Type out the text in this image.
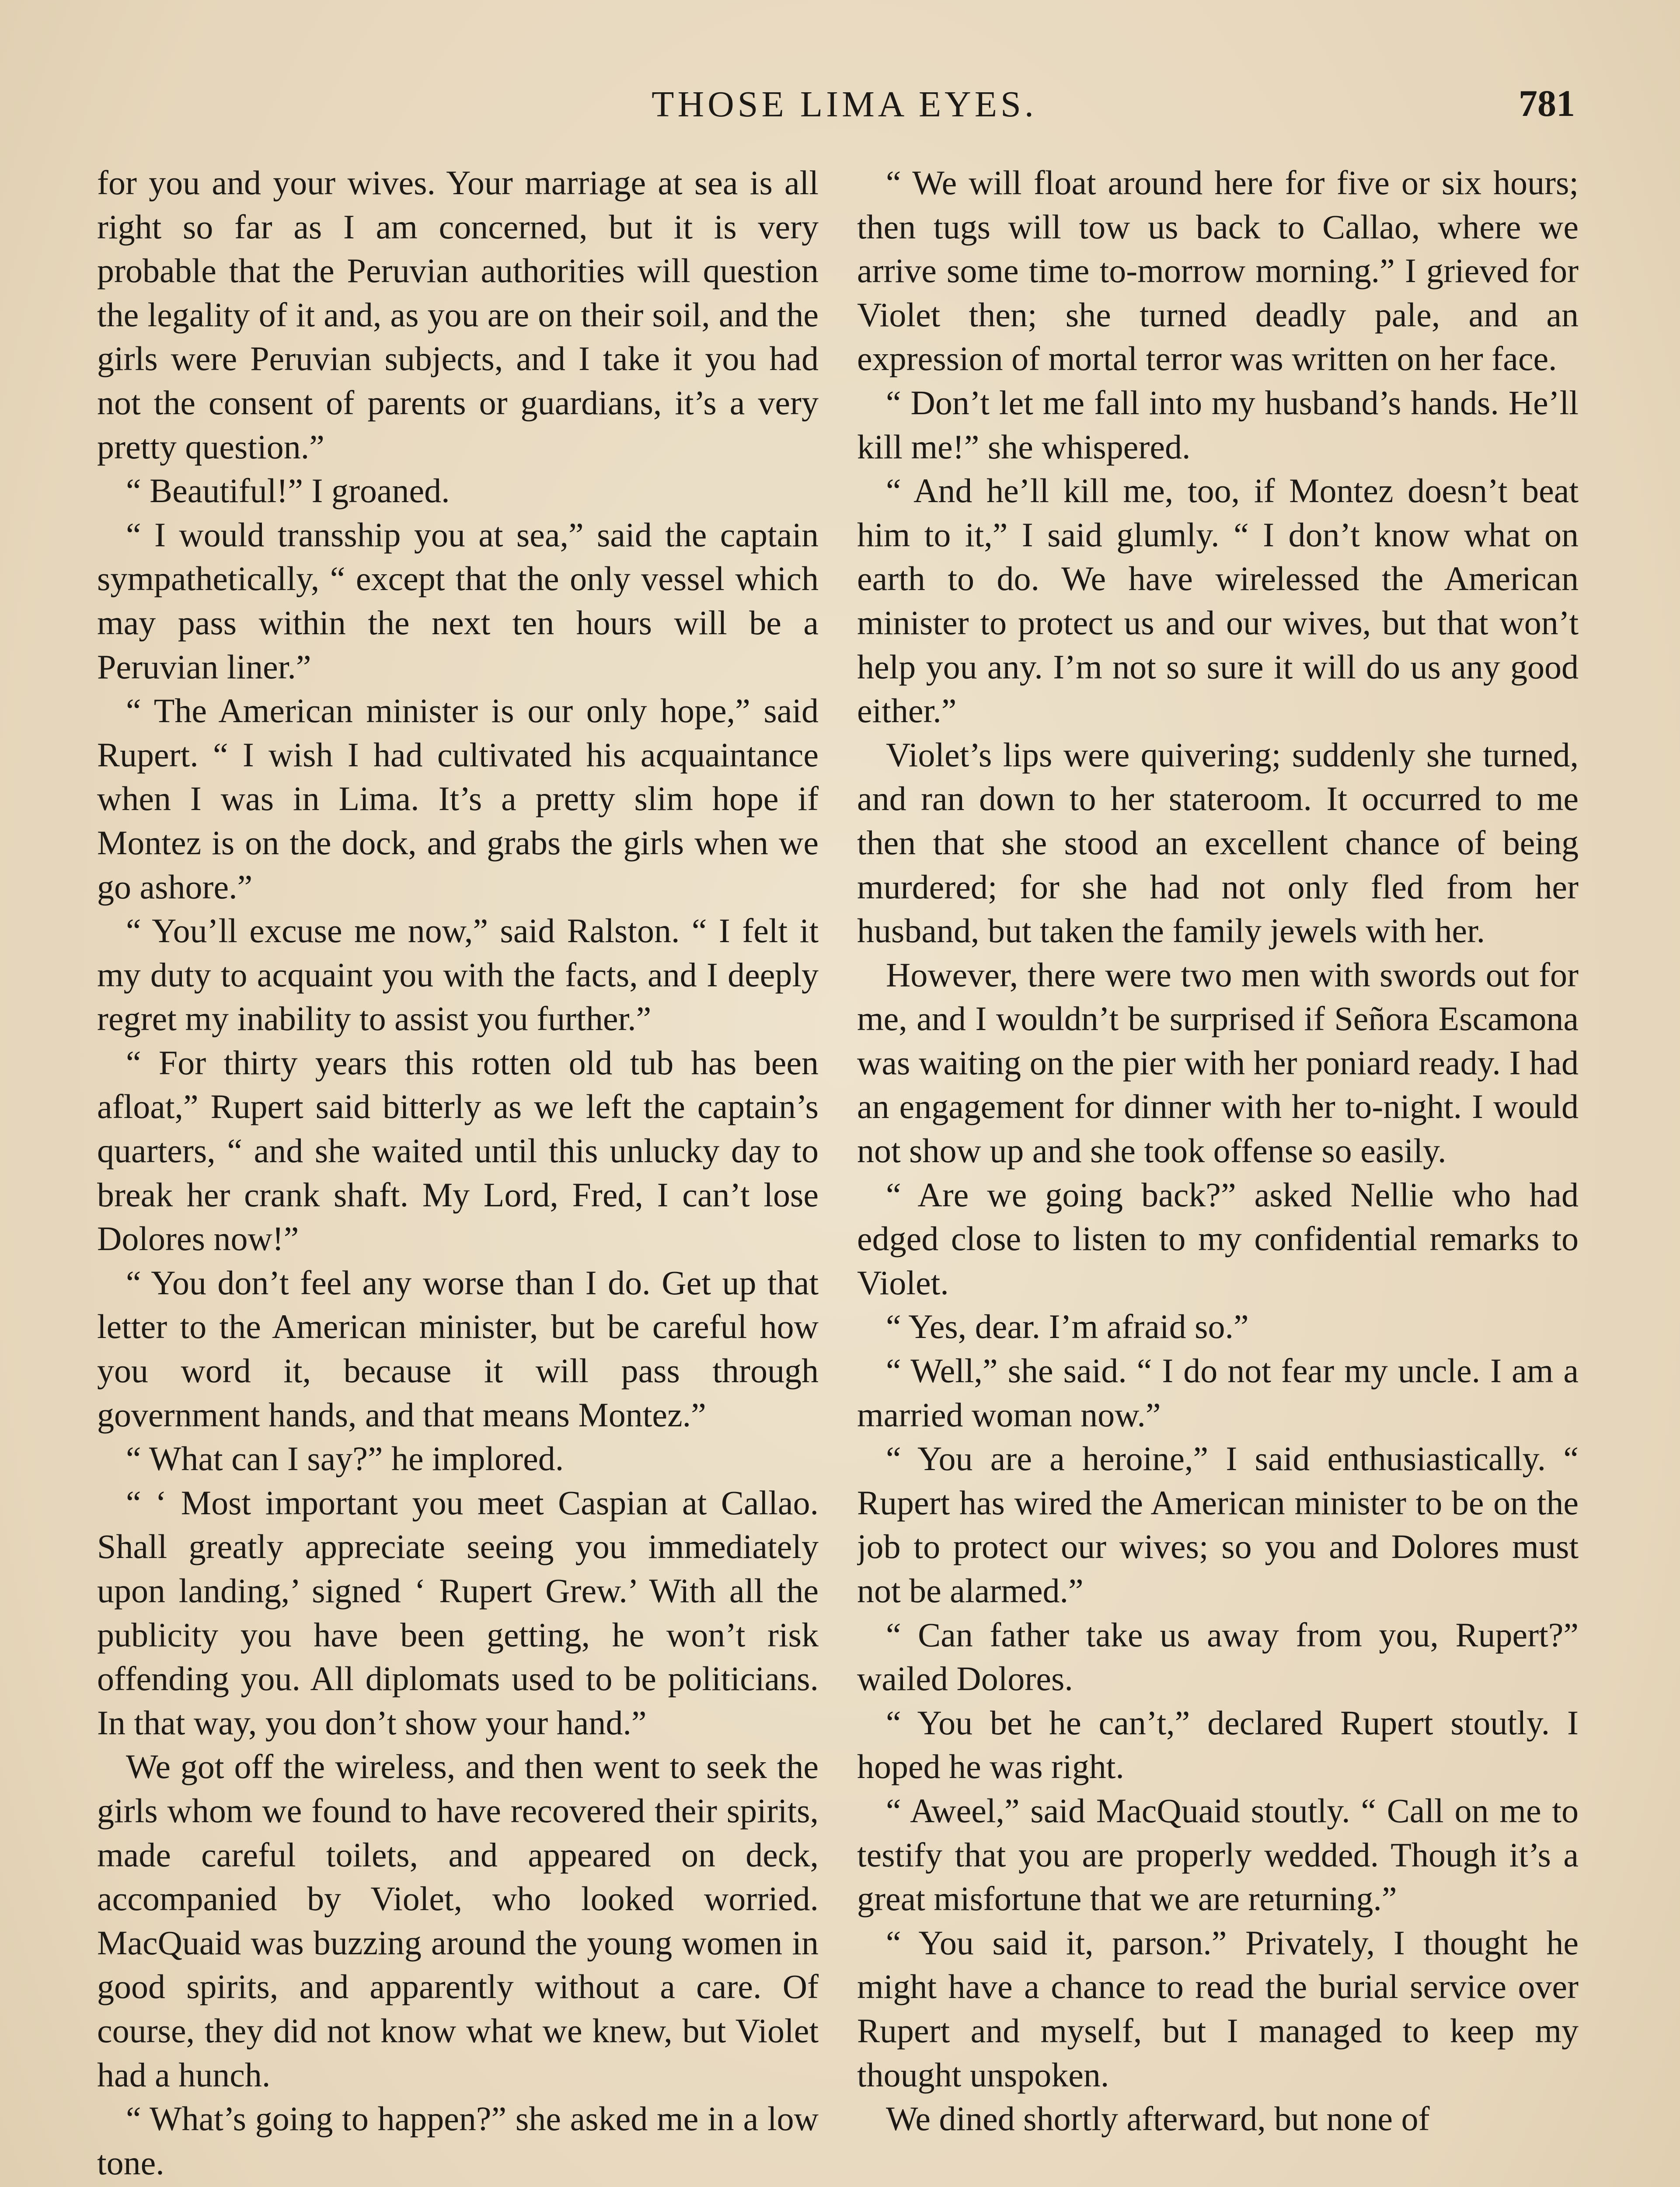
THOSE LIMA EYES.	781

for you and your wives. Your marriage at sea is all right so far as I am concerned, but it is very probable that the Peruvian authorities will question the legality of it and, as you are on their soil, and the girls were Peruvian subjects, and I take it you had not the consent of parents or guardians, it’s a very pretty question.”

“ Beautiful!” I groaned.

“ I would transship you at sea,” said the captain sympathetically, “ except that the only vessel which may pass within the next ten hours will be a Peruvian liner.”

“ The American minister is our only hope,” said Rupert. “ I wish I had cultivated his acquaintance when I was in Lima. It’s a pretty slim hope if Montez is on the dock, and grabs the girls when we go ashore.”

“ You’ll excuse me now,” said Ralston. “ I felt it my duty to acquaint you with the facts, and I deeply regret my inability to assist you further.”

“ For thirty years this rotten old tub has been afloat,” Rupert said bitterly as we left the captain’s quarters, “ and she waited until this unlucky day to break her crank shaft. My Lord, Fred, I can’t lose Dolores now!”

“ You don’t feel any worse than I do. Get up that letter to the American minister, but be careful how you word it, because it will pass through government hands, and that means Montez.”

“ What can I say?” he implored.

“ ‘ Most important you meet Caspian at Callao. Shall greatly appreciate seeing you immediately upon landing,’ signed ‘ Rupert Grew.’ With all the publicity you have been getting, he won’t risk offending you. All diplomats used to be politicians. In that way, you don’t show your hand.”

We got off the wireless, and then went to seek the girls whom we found to have recovered their spirits, made careful toilets, and appeared on deck, accompanied by Violet, who looked worried. MacQuaid was buzzing around the young women in good spirits, and apparently without a care. Of course, they did not know what we knew, but Violet had a hunch.

“ What’s going to happen?” she asked me in a low tone.

“ We will float around here for five or six hours; then tugs will tow us back to Callao, where we arrive some time to-morrow morning.” I grieved for Violet then; she turned deadly pale, and an expression of mortal terror was written on her face.

“ Don’t let me fall into my husband’s hands. He’ll kill me!” she whispered.

“ And he’ll kill me, too, if Montez doesn’t beat him to it,” I said glumly. “ I don’t know what on earth to do. We have wirelessed the American minister to protect us and our wives, but that won’t help you any. I’m not so sure it will do us any good either.”

Violet’s lips were quivering; suddenly she turned, and ran down to her stateroom. It occurred to me then that she stood an excellent chance of being murdered; for she had not only fled from her husband, but taken the family jewels with her.

However, there were two men with swords out for me, and I wouldn’t be surprised if Señora Escamona was waiting on the pier with her poniard ready. I had an engagement for dinner with her to-night. I would not show up and she took offense so easily.

“ Are we going back?” asked Nellie who had edged close to listen to my confidential remarks to Violet.

“ Yes, dear. I’m afraid so.”

“ Well,” she said. “ I do not fear my uncle. I am a married woman now.”

“ You are a heroine,” I said enthusiastically. “ Rupert has wired the American minister to be on the job to protect our wives; so you and Dolores must not be alarmed.”

“ Can father take us away from you, Rupert?” wailed Dolores.

“ You bet he can’t,” declared Rupert stoutly. I hoped he was right.

“ Aweel,” said MacQuaid stoutly. “ Call on me to testify that you are properly wedded. Though it’s a great misfortune that we are returning.”

“ You said it, parson.” Privately, I thought he might have a chance to read the burial service over Rupert and myself, but I managed to keep my thought unspoken.

We dined shortly afterward, but none of
